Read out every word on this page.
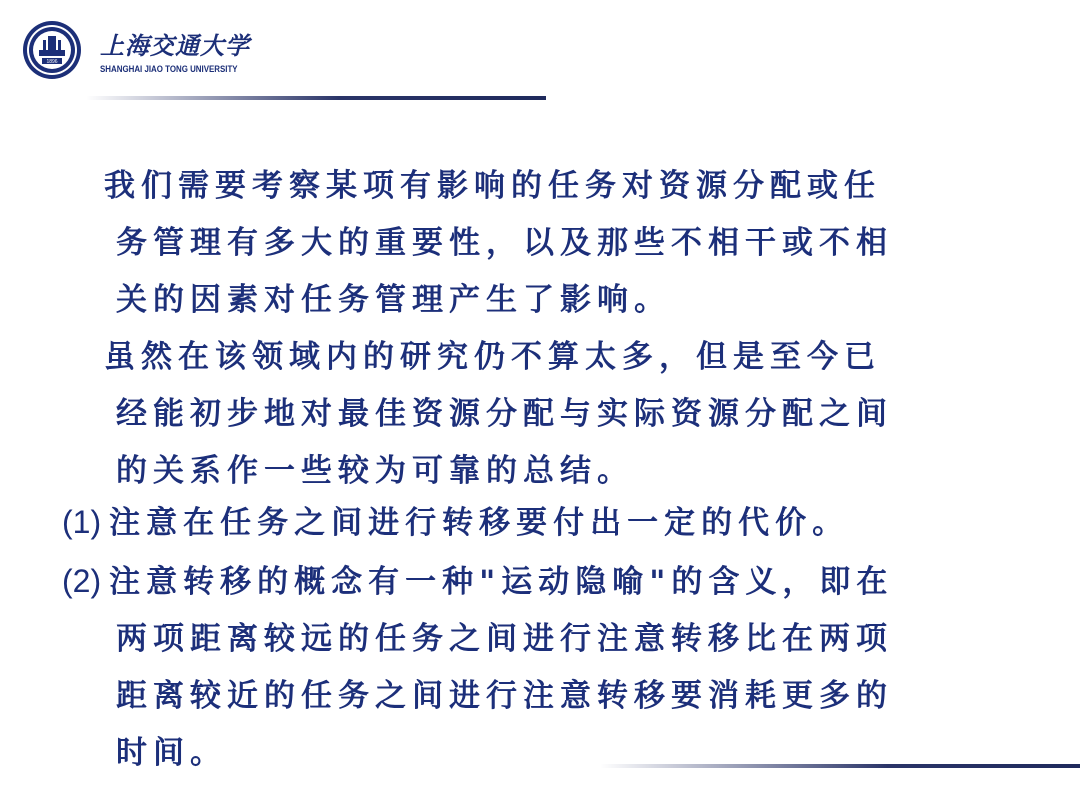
1896
上海交通大学
SHANGHAI JIAO TONG UNIVERSITY
我们需要考察某项有影响的任务对资源分配或任
务管理有多大的重要性，以及那些不相干或不相
关的因素对任务管理产生了影响。
虽然在该领域内的研究仍不算太多，但是至今已
经能初步地对最佳资源分配与实际资源分配之间
的关系作一些较为可靠的总结。
(1) 注意在任务之间进行转移要付出一定的代价。
(2) 注意转移的概念有一种"运动隐喻"的含义，即在
两项距离较远的任务之间进行注意转移比在两项
距离较近的任务之间进行注意转移要消耗更多的
时间。
